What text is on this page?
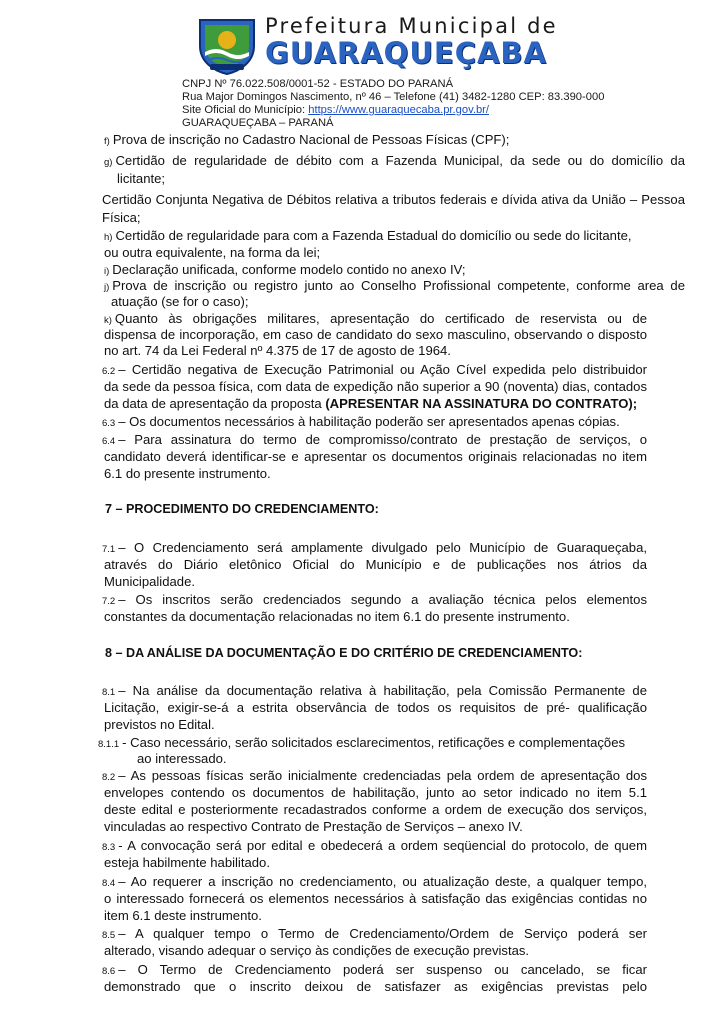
Prefeitura Municipal de
GUARAQUEÇABA
CNPJ Nº 76.022.508/0001-52 - ESTADO DO PARANÁ
Rua Major Domingos Nascimento, nº 46 – Telefone (41) 3482-1280 CEP: 83.390-000
Site Oficial do Município: https://www.guaraquecaba.pr.gov.br/
GUARAQUEÇABA – PARANÁ
f) Prova de inscrição no Cadastro Nacional de Pessoas Físicas (CPF);
g) Certidão de regularidade de débito com a Fazenda Municipal, da sede ou do domicílio da
licitante;
Certidão Conjunta Negativa de Débitos relativa a tributos federais e dívida ativa da União – Pessoa
Física;
h) Certidão de regularidade para com a Fazenda Estadual do domicílio ou sede do licitante,
ou outra equivalente, na forma da lei;
i) Declaração unificada, conforme modelo contido no anexo IV;
j) Prova de inscrição ou registro junto ao Conselho Profissional competente, conforme area de
atuação (se for o caso);
k) Quanto às obrigações militares, apresentação do certificado de reservista ou de
dispensa de incorporação, em caso de candidato do sexo masculino, observando o disposto
no art. 74 da Lei Federal nº 4.375 de 17 de agosto de 1964.
6.2 – Certidão negativa de Execução Patrimonial ou Ação Cível expedida pelo distribuidor
da sede da pessoa física, com data de expedição não superior a 90 (noventa) dias, contados
da data de apresentação da proposta (APRESENTAR NA ASSINATURA DO CONTRATO);
6.3 – Os documentos necessários à habilitação poderão ser apresentados apenas cópias.
6.4 – Para assinatura do termo de compromisso/contrato de prestação de serviços, o
candidato deverá identificar-se e apresentar os documentos originais relacionadas no item
6.1 do presente instrumento.
7 – PROCEDIMENTO DO CREDENCIAMENTO:
7.1 – O Credenciamento será amplamente divulgado pelo Município de Guaraqueçaba,
através do Diário eletônico Oficial do Município e de publicações nos átrios da
Municipalidade.
7.2 – Os inscritos serão credenciados segundo a avaliação técnica pelos elementos
constantes da documentação relacionadas no item 6.1 do presente instrumento.
8 – DA ANÁLISE DA DOCUMENTAÇÃO E DO CRITÉRIO DE CREDENCIAMENTO:
8.1 – Na análise da documentação relativa à habilitação, pela Comissão Permanente de
Licitação, exigir-se-á a estrita observância de todos os requisitos de pré- qualificação
previstos no Edital.
8.1.1 - Caso necessário, serão solicitados esclarecimentos, retificações e complementações
ao interessado.
8.2 – As pessoas físicas serão inicialmente credenciadas pela ordem de apresentação dos
envelopes contendo os documentos de habilitação, junto ao setor indicado no item 5.1
deste edital e posteriormente recadastrados conforme a ordem de execução dos serviços,
vinculadas ao respectivo Contrato de Prestação de Serviços – anexo IV.
8.3 - A convocação será por edital e obedecerá a ordem seqüencial do protocolo, de quem
esteja habilmente habilitado.
8.4 – Ao requerer a inscrição no credenciamento, ou atualização deste, a qualquer tempo,
o interessado fornecerá os elementos necessários à satisfação das exigências contidas no
item 6.1 deste instrumento.
8.5 – A qualquer tempo o Termo de Credenciamento/Ordem de Serviço poderá ser
alterado, visando adequar o serviço às condições de execução previstas.
8.6 – O Termo de Credenciamento poderá ser suspenso ou cancelado, se ficar
demonstrado que o inscrito deixou de satisfazer as exigências previstas pelo
